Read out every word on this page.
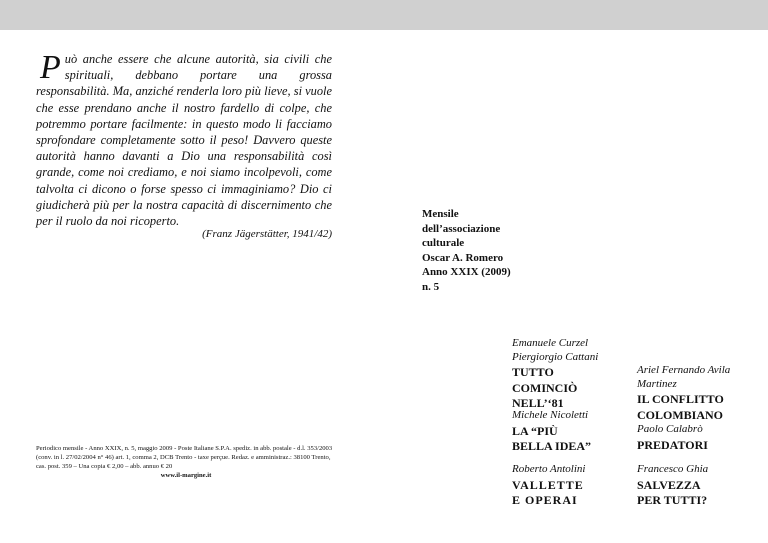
Può anche essere che alcune autorità, sia civili che spirituali, debbano portare una grossa responsabilità. Ma, anziché renderla loro più lieve, si vuole che esse prendano anche il nostro fardello di colpe, che potremmo portare facilmente: in questo modo li facciamo sprofondare completamente sotto il peso! Davvero queste autorità hanno davanti a Dio una responsabilità così grande, come noi crediamo, e noi siamo incolpevoli, come talvolta ci dicono o forse spesso ci immaginiamo? Dio ci giudicherà più per la nostra capacità di discernimento che per il ruolo da noi ricoperto.
(Franz Jägerstätter, 1941/42)
Periodico mensile - Anno XXIX, n. 5, maggio 2009 - Poste Italiane S.P.A. spediz. in abb. postale - d.l. 353/2003 (conv. in l. 27/02/2004 n° 46) art. 1, comma 2, DCB Trento - taxe perçue. Redaz. e amministraz.: 38100 Trento, cas. post. 359 – Una copia € 2,00 – abb. annuo € 20
www.il-margine.it
Mensile
dell’associazione
culturale
Oscar A. Romero
Anno XXIX (2009)
n. 5
Emanuele Curzel
Piergiorgio Cattani
TUTTO
COMINCIÒ
NELL’‘81
Michele Nicoletti
LA “PIÙ
BELLA IDEA”
Roberto Antolini
VALLETTE
E OPERAI
Ariel Fernando Avila
Martinez
IL CONFLITTO
COLOMBIANO
Paolo Calabrò
PREDATORI
Francesco Ghia
SALVEZZA
PER TUTTI?
